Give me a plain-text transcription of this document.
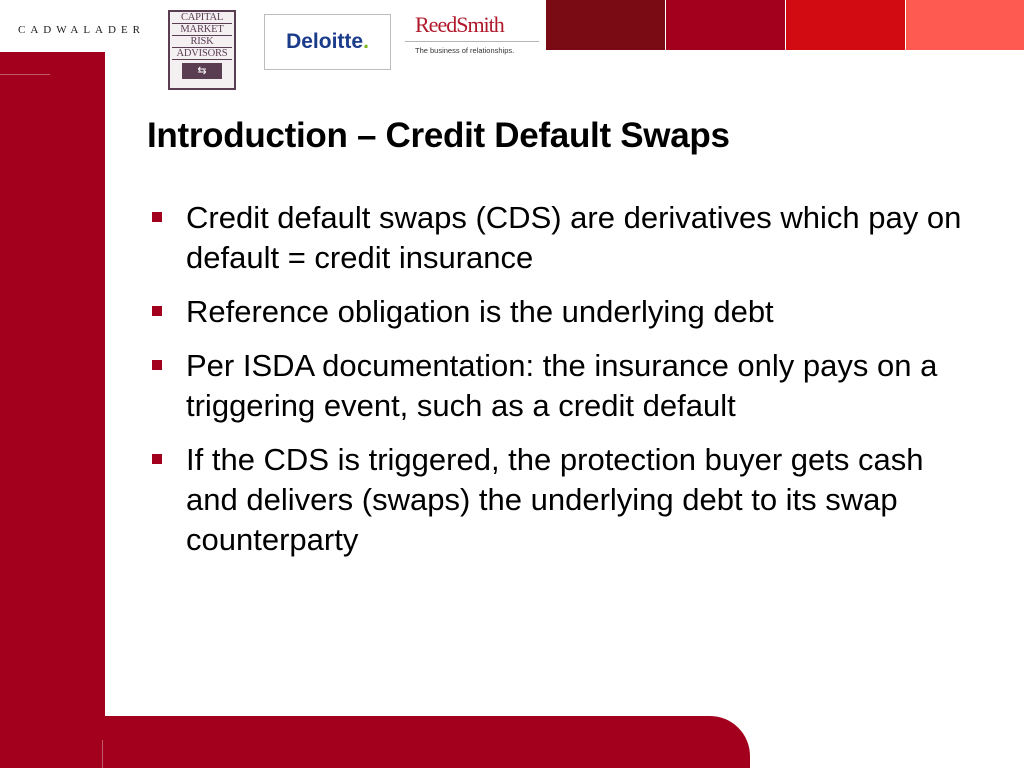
CADWALADER
CAPITAL
MARKET
RISK
ADVISORS
⇆
Deloitte .
ReedSmith
The business of relationships.
Introduction – Credit Default Swaps
Credit default swaps (CDS) are derivatives which pay on default = credit insurance
Reference obligation is the underlying debt
Per ISDA documentation: the insurance only pays on a triggering event, such as a credit default
If the CDS is triggered, the protection buyer gets cash and delivers (swaps) the underlying debt to its swap counterparty
